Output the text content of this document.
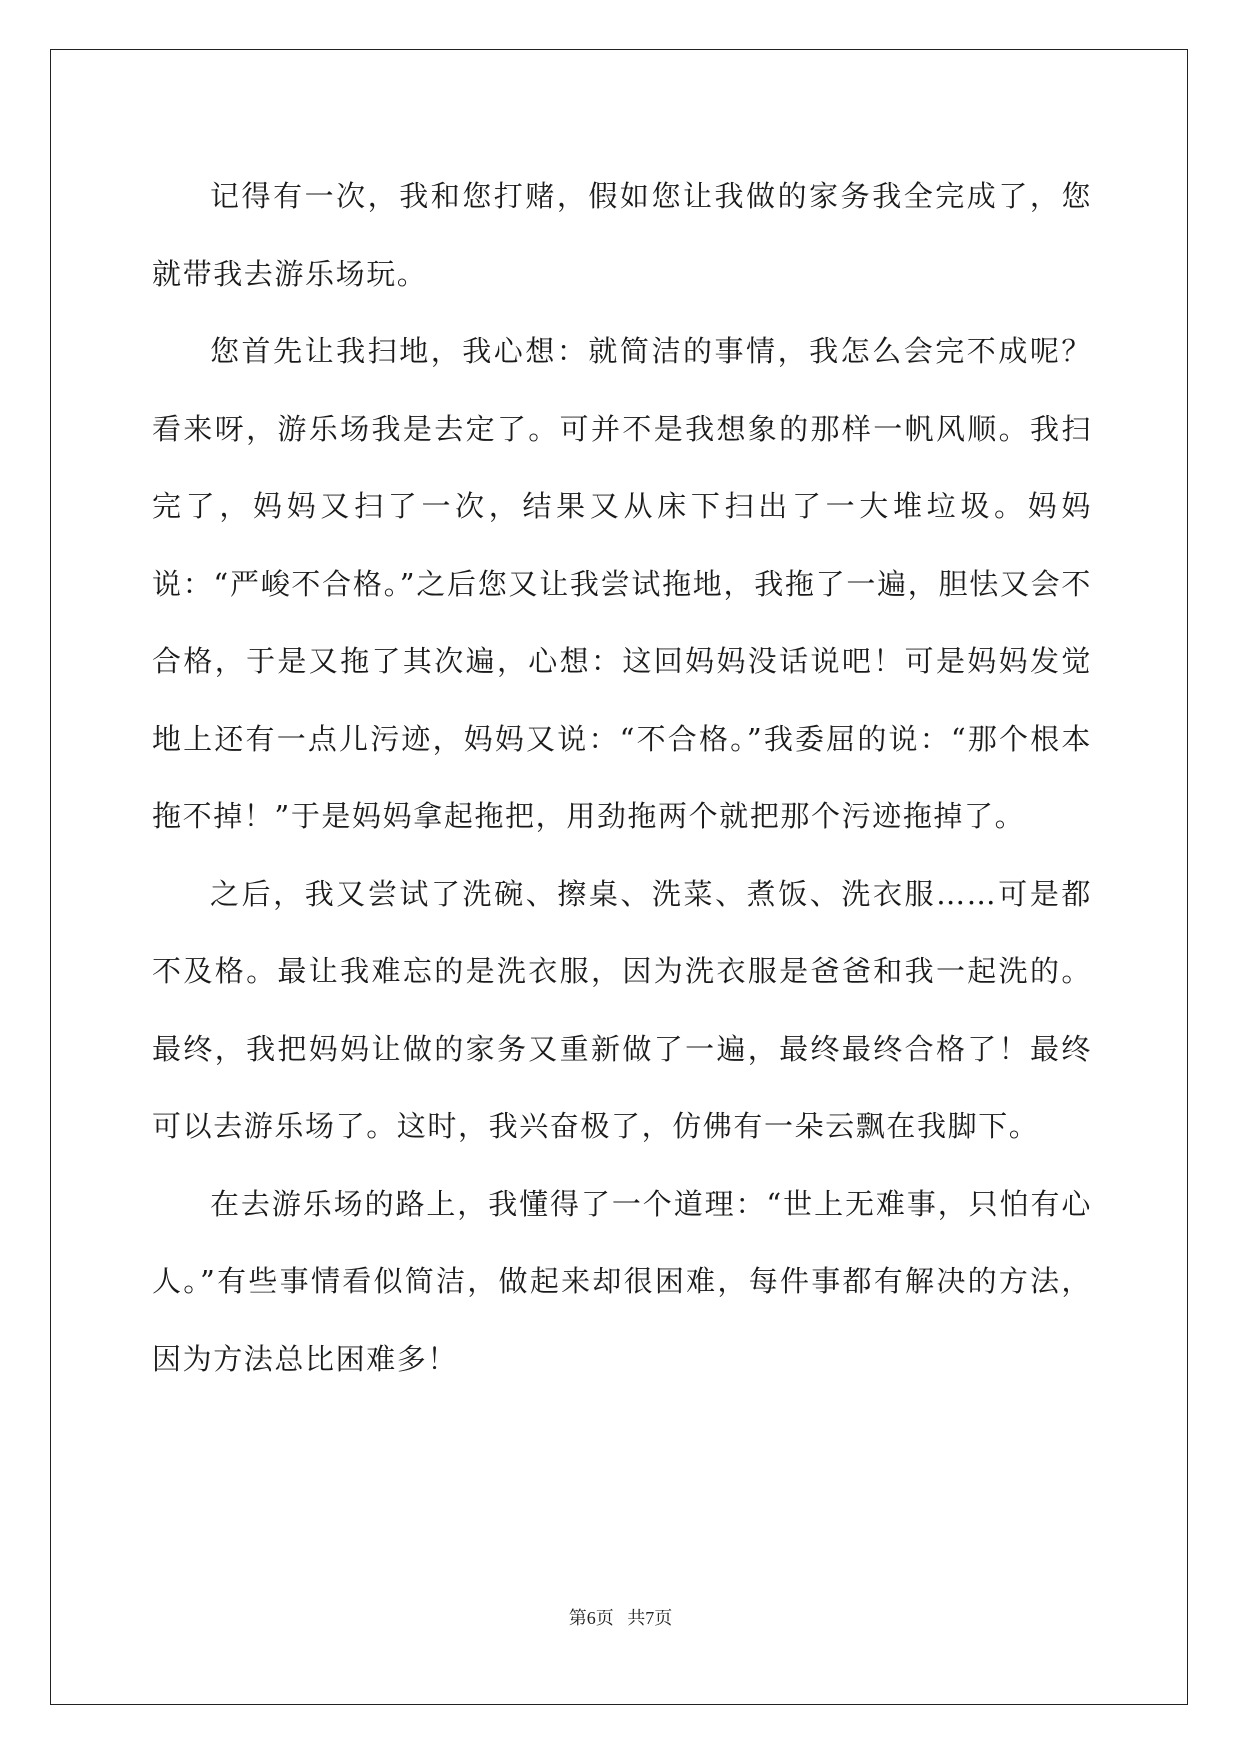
记得有一次，我和您打赌，假如您让我做的家务我全完成了，您就带我去游乐场玩。

您首先让我扫地，我心想：就简洁的事情，我怎么会完不成呢？看来呀，游乐场我是去定了。可并不是我想象的那样一帆风顺。我扫完了，妈妈又扫了一次，结果又从床下扫出了一大堆垃圾。妈妈说：“严峻不合格。”之后您又让我尝试拖地，我拖了一遍，胆怯又会不合格，于是又拖了其次遍，心想：这回妈妈没话说吧！可是妈妈发觉地上还有一点儿污迹，妈妈又说：“不合格。”我委屈的说：“那个根本拖不掉！”于是妈妈拿起拖把，用劲拖两个就把那个污迹拖掉了。

之后，我又尝试了洗碗、擦桌、洗菜、煮饭、洗衣服……可是都不及格。最让我难忘的是洗衣服，因为洗衣服是爸爸和我一起洗的。最终，我把妈妈让做的家务又重新做了一遍，最终最终合格了！最终可以去游乐场了。这时，我兴奋极了，仿佛有一朵云飘在我脚下。

在去游乐场的路上，我懂得了一个道理：“世上无难事，只怕有心人。”有些事情看似简洁，做起来却很困难，每件事都有解决的方法，因为方法总比困难多！

第6页 共7页
